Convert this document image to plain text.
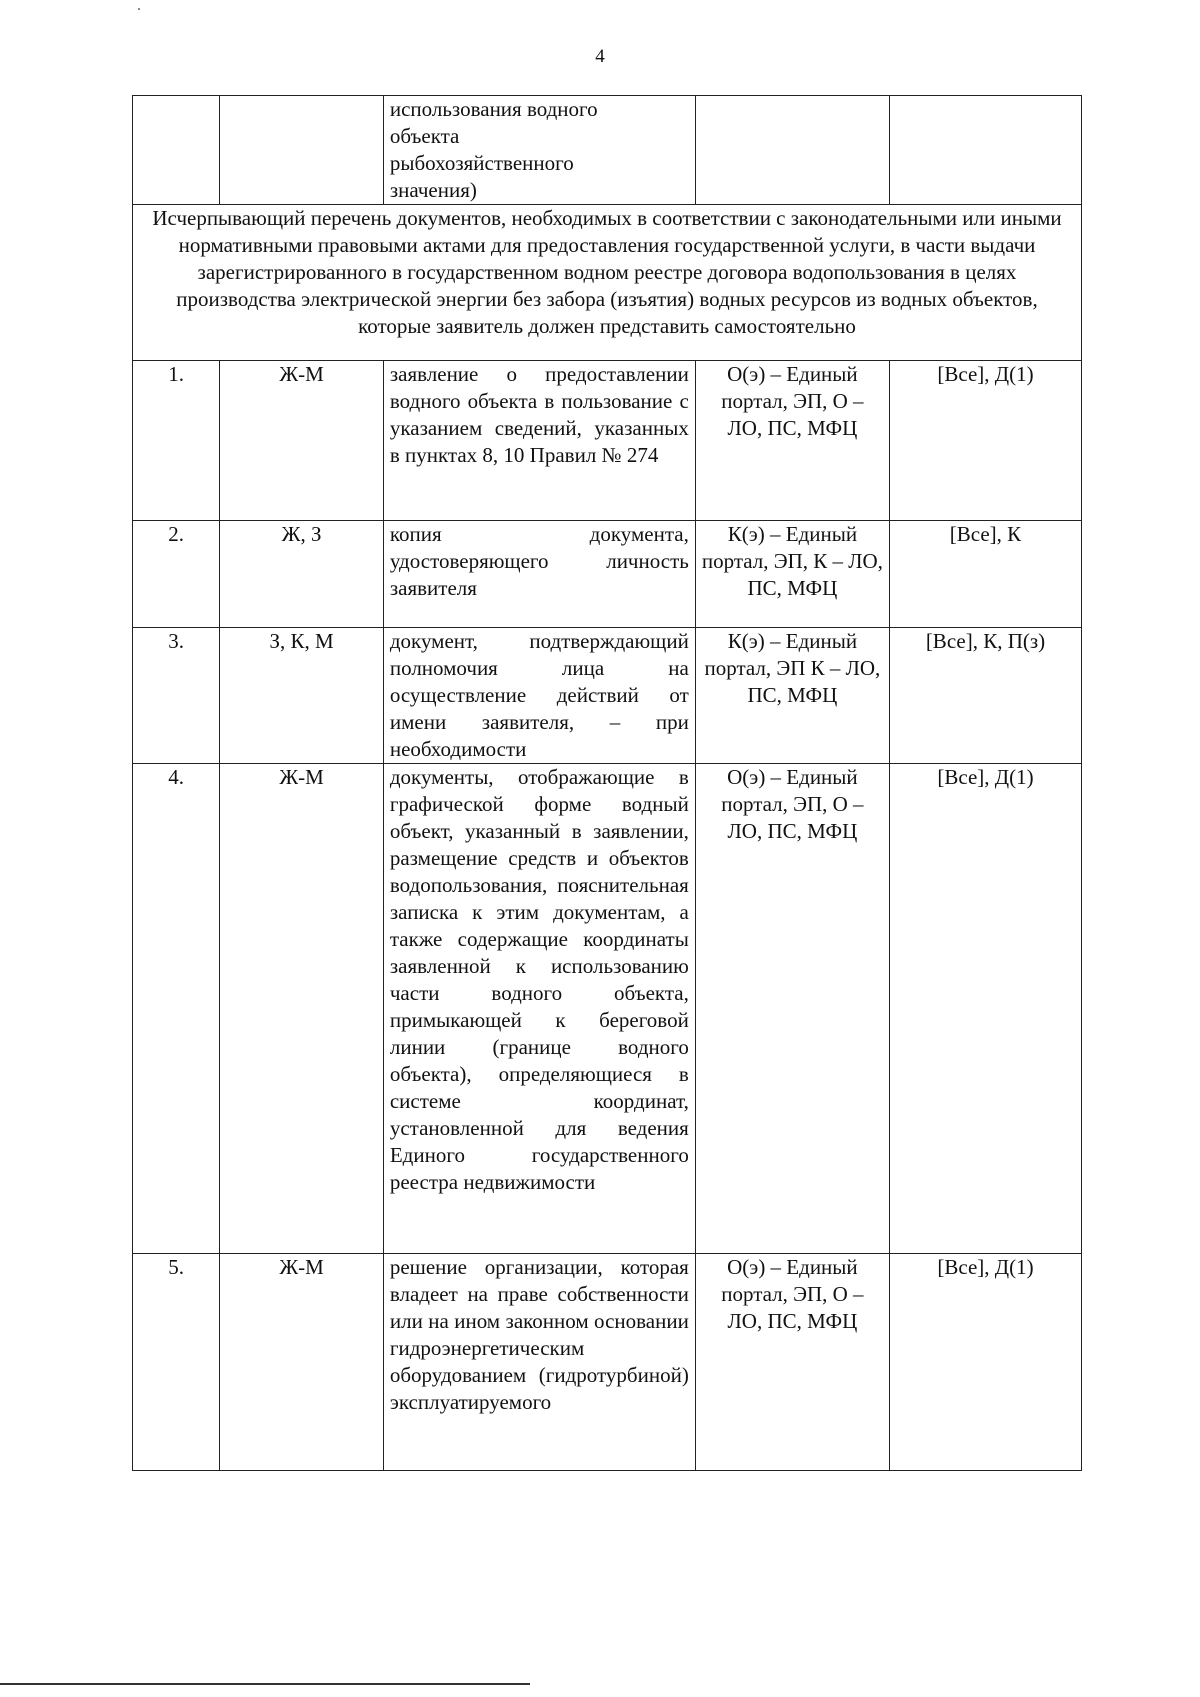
4

		использования водного
объекта
рыбохозяйственного
значения)		

Исчерпывающий перечень документов, необходимых в соответствии с законодательными или иными нормативными правовыми актами для предоставления государственной услуги, в части выдачи зарегистрированного в государственном водном реестре договора водопользования в целях производства электрической энергии без забора (изъятия) водных ресурсов из водных объектов, которые заявитель должен представить самостоятельно				
1.	Ж-М	заявление о предоставлении водного объекта в пользование с указанием сведений, указанных в пунктах 8, 10 Правил № 274	О(э) – Единый портал, ЭП, О – ЛО, ПС, МФЦ	[Все], Д(1)
2.	Ж, З	копия документа, удостоверяющего личность заявителя	К(э) – Единый портал, ЭП, К – ЛО, ПС, МФЦ	[Все], К
3.	З, К, М	документ, подтверждающий полномочия лица на осуществление действий от имени заявителя, – при необходимости	К(э) – Единый портал, ЭП К – ЛО, ПС, МФЦ	[Все], К, П(з)
4.	Ж-М	документы, отображающие в графической форме водный объект, указанный в заявлении, размещение средств и объектов водопользования, пояснительная записка к этим документам, а также содержащие координаты заявленной к использованию части водного объекта, примыкающей к береговой линии (границе водного объекта), определяющиеся в системе координат, установленной для ведения Единого государственного реестра недвижимости	О(э) – Единый портал, ЭП, О – ЛО, ПС, МФЦ	[Все], Д(1)
5.	Ж-М	решение организации, которая владеет на праве собственности или на ином законном основании гидроэнергетическим оборудованием (гидротурбиной) эксплуатируемого	О(э) – Единый портал, ЭП, О – ЛО, ПС, МФЦ	[Все], Д(1)
